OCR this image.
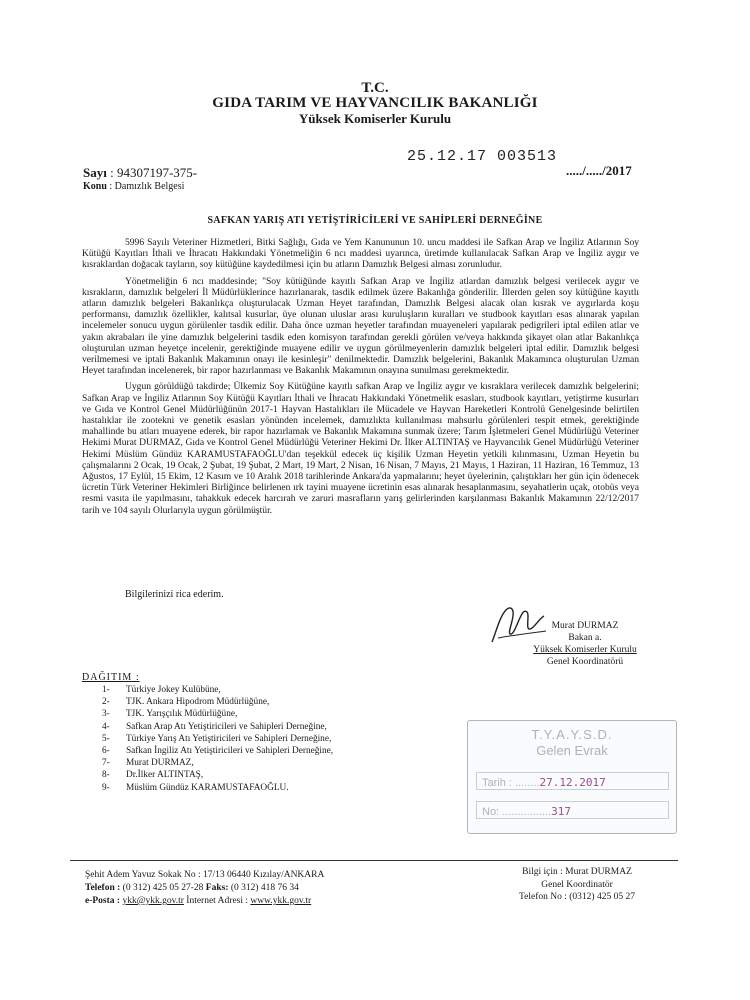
T.C.
GIDA TARIM VE HAYVANCILIK BAKANLIĞI
Yüksek Komiserler Kurulu
25.12.17 003513
Sayı : 94307197-375-	...../...../2017
Konu : Damızlık Belgesi
SAFKAN YARIŞ ATI YETİŞTİRİCİLERİ VE SAHİPLERİ DERNEĞİNE

5996 Sayılı Veteriner Hizmetleri, Bitki Sağlığı, Gıda ve Yem Kanununun 10. uncu maddesi ile Safkan Arap ve İngiliz Atlarının Soy Kütüğü Kayıtları İthali ve İhracatı Hakkındaki Yönetmeliğin 6 ncı maddesi uyarınca, üretimde kullanılacak Safkan Arap ve İngiliz aygır ve kısraklardan doğacak tayların, soy kütüğüne kaydedilmesi için bu atların Damızlık Belgesi alması zorunludur.

Yönetmeliğin 6 ncı maddesinde; "Soy kütüğünde kayıtlı Safkan Arap ve İngiliz atlardan damızlık belgesi verilecek aygır ve kısrakların, damızlık belgeleri İl Müdürlüklerince hazırlanarak, tasdik edilmek üzere Bakanlığa gönderilir. İllerden gelen soy kütüğüne kayıtlı atların damızlık belgeleri Bakanlıkça oluşturulacak Uzman Heyet tarafından, Damızlık Belgesi alacak olan kısrak ve aygırlarda koşu performansı, damızlık özellikler, kalıtsal kusurlar, üye olunan uluslar arası kuruluşların kuralları ve studbook kayıtları esas alınarak yapılan incelemeler sonucu uygun görülenler tasdik edilir. Daha önce uzman heyetler tarafından muayeneleri yapılarak pedigrileri iptal edilen atlar ve yakın akrabaları ile yine damızlık belgelerini tasdik eden komisyon tarafından gerekli görülen ve/veya hakkında şikayet olan atlar Bakanlıkça oluşturulan uzman heyetçe incelenir, gerektiğinde muayene edilir ve uygun görülmeyenlerin damızlık belgeleri iptal edilir. Damızlık belgesi verilmemesi ve iptali Bakanlık Makamının onayı ile kesinleşir" denilmektedir. Damızlık belgelerini, Bakanlık Makamınca oluşturulan Uzman Heyet tarafından incelenerek, bir rapor hazırlanması ve Bakanlık Makamının onayına sunulması gerekmektedir.

Uygun görüldüğü takdirde; Ülkemiz Soy Kütüğüne kayıtlı safkan Arap ve İngiliz aygır ve kısraklara verilecek damızlık belgelerini; Safkan Arap ve İngiliz Atlarının Soy Kütüğü Kayıtları İthali ve İhracatı Hakkındaki Yönetmelik esasları, studbook kayıtları, yetiştirme kusurları ve Gıda ve Kontrol Genel Müdürlüğünün 2017-1 Hayvan Hastalıkları ile Mücadele ve Hayvan Hareketleri Kontrolü Genelgesinde belirtilen hastalıklar ile zootekni ve genetik esasları yönünden incelemek, damızlıkta kullanılması mahsurlu görülenleri tespit etmek, gerektiğinde mahallinde bu atları muayene ederek, bir rapor hazırlamak ve Bakanlık Makamına sunmak üzere; Tarım İşletmeleri Genel Müdürlüğü Veteriner Hekimi Murat DURMAZ, Gıda ve Kontrol Genel Müdürlüğü Veteriner Hekimi Dr. İlker ALTINTAŞ ve Hayvancılık Genel Müdürlüğü Veteriner Hekimi Müslüm Gündüz KARAMUSTAFAOĞLU'dan teşekkül edecek üç kişilik Uzman Heyetin yetkili kılınmasını, Uzman Heyetin bu çalışmalarını 2 Ocak, 19 Ocak, 2 Şubat, 19 Şubat, 2 Mart, 19 Mart, 2 Nisan, 16 Nisan, 7 Mayıs, 21 Mayıs, 1 Haziran, 11 Haziran, 16 Temmuz, 13 Ağustos, 17 Eylül, 15 Ekim, 12 Kasım ve 10 Aralık 2018 tarihlerinde Ankara'da yapmalarını; heyet üyelerinin, çalıştıkları her gün için ödenecek ücretin Türk Veteriner Hekimleri Birliğince belirlenen ırk tayini muayene ücretinin esas alınarak hesaplanmasını, seyahatlerin uçak, otobüs veya resmi vasıta ile yapılmasını, tahakkuk edecek harcırah ve zaruri masrafların yarış gelirlerinden karşılanması Bakanlık Makamının 22/12/2017 tarih ve 104 sayılı Olurlarıyla uygun görülmüştür.

Bilgilerinizi rica ederim.
Murat DURMAZ
Bakan a.
Yüksek Komiserler Kurulu
Genel Koordinatörü
DAĞITIM :
1-	Türkiye Jokey Kulübüne,
2-	TJK. Ankara Hipodrom Müdürlüğüne,
3-	TJK. Yarışçılık Müdürlüğüne,
4-	Safkan Arap Atı Yetiştiricileri ve Sahipleri Derneğine,
5-	Türkiye Yarış Atı Yetiştiricileri ve Sahipleri Derneğine,
6-	Safkan İngiliz Atı Yetiştiricileri ve Sahipleri Derneğine,
7-	Murat DURMAZ,
8-	Dr.İlker ALTINTAŞ,
9-	Müslüm Gündüz KARAMUSTAFAOĞLU.
T.Y.A.Y.S.D.
Gelen Evrak
Tarih : ........27.12.2017
No: ................317
Şehit Adem Yavuz Sokak No : 17/13 06440 Kızılay/ANKARA
Telefon : (0 312) 425 05 27-28 Faks: (0 312) 418 76 34
e-Posta : ykk@ykk.gov.tr İnternet Adresi : www.ykk.gov.tr
Bilgi için : Murat DURMAZ
Genel Koordinatör
Telefon No : (0312) 425 05 27
